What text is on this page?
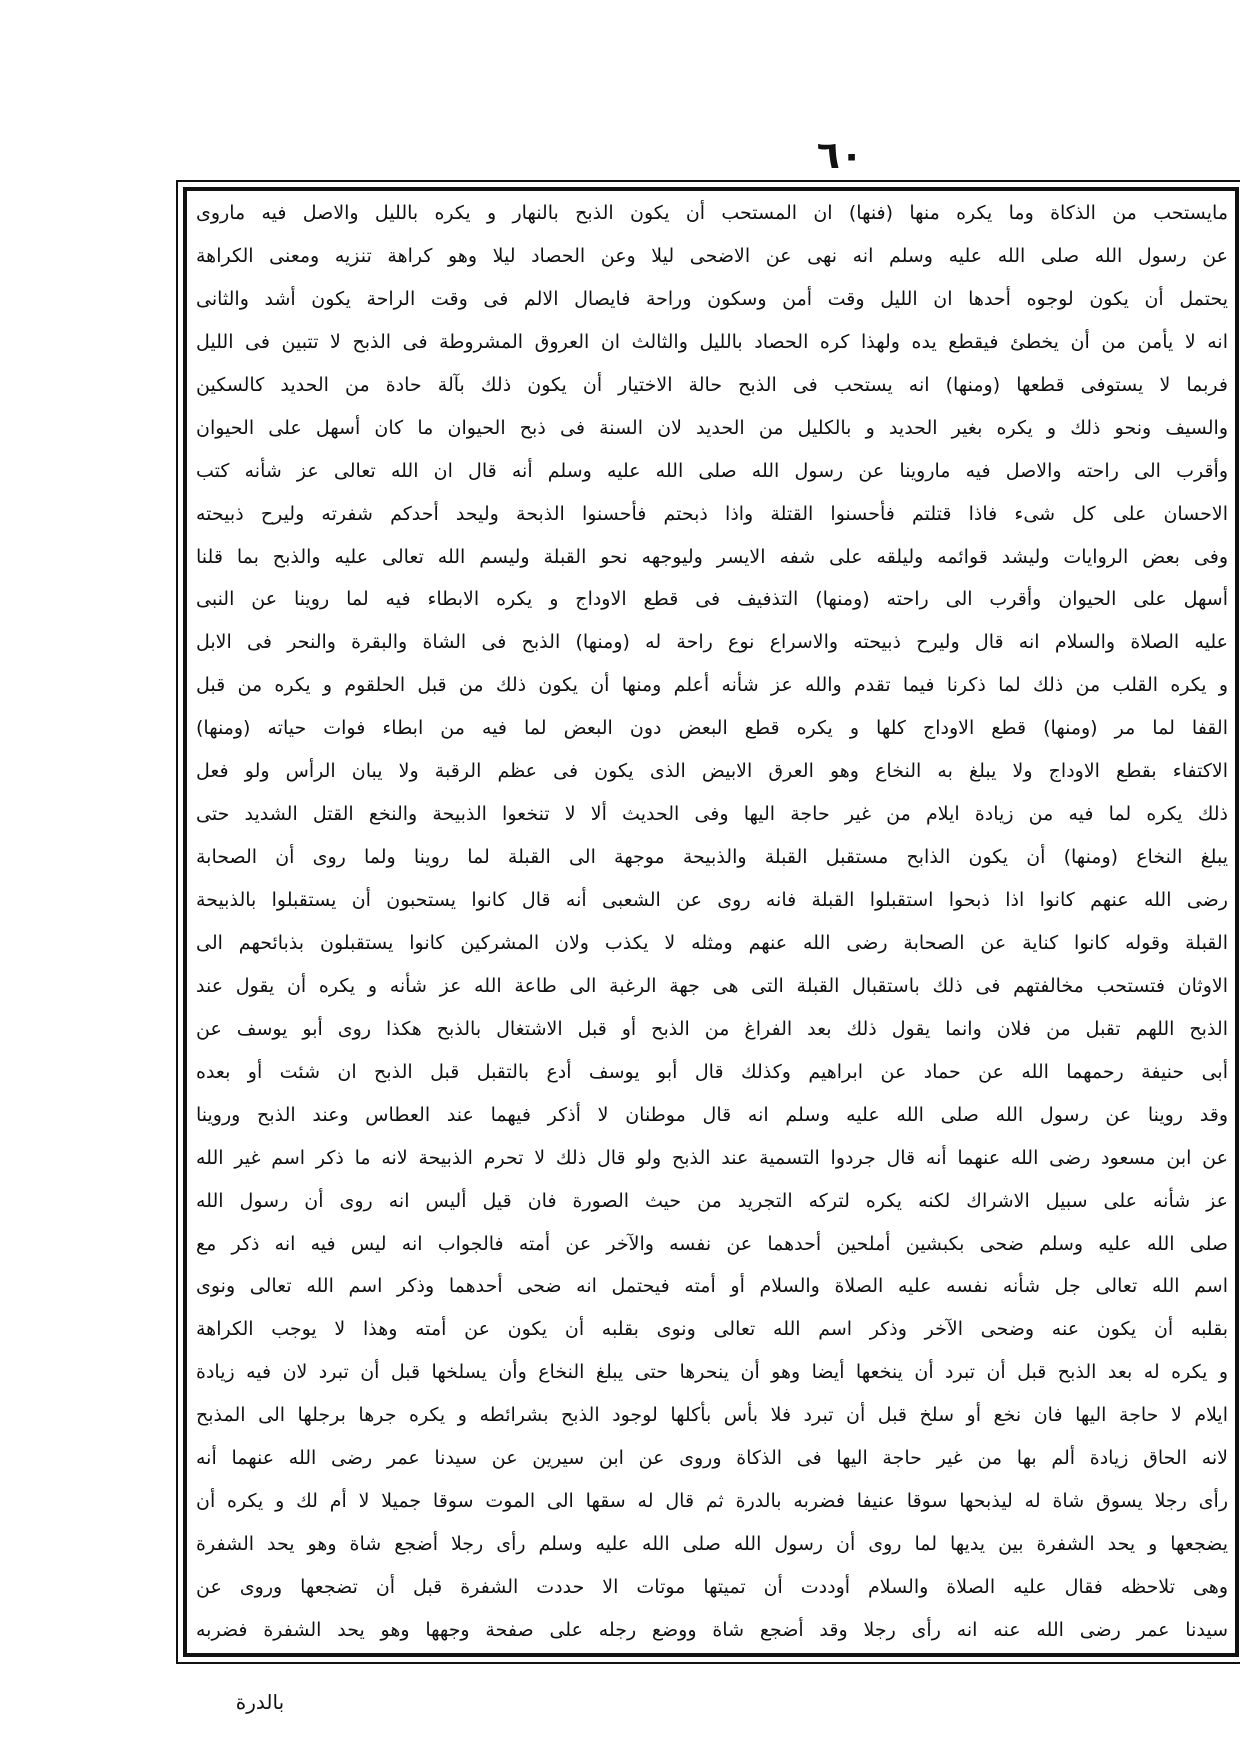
٦٠
مايستحب من الذكاة وما يكره منها (فنها) ان المستحب أن يكون الذبح بالنهار و يكره بالليل والاصل فيه ماروى
عن رسول الله صلى الله عليه وسلم انه نهى عن الاضحى ليلا وعن الحصاد ليلا وهو كراهة تنزيه ومعنى الكراهة
يحتمل أن يكون لوجوه أحدها ان الليل وقت أمن وسكون وراحة فايصال الالم فى وقت الراحة يكون أشد والثانى
انه لا يأمن من أن يخطئ فيقطع يده ولهذا كره الحصاد بالليل والثالث ان العروق المشروطة فى الذبح لا تتبين فى الليل
فربما لا يستوفى قطعها (ومنها) انه يستحب فى الذبح حالة الاختيار أن يكون ذلك بآلة حادة من الحديد كالسكين
والسيف ونحو ذلك و يكره بغير الحديد و بالكليل من الحديد لان السنة فى ذبح الحيوان ما كان أسهل على الحيوان
وأقرب الى راحته والاصل فيه ماروينا عن رسول الله صلى الله عليه وسلم أنه قال ان الله تعالى عز شأنه كتب
الاحسان على كل شىء فاذا قتلتم فأحسنوا القتلة واذا ذبحتم فأحسنوا الذبحة وليحد أحدكم شفرته وليرح ذبيحته
وفى بعض الروايات وليشد قوائمه وليلقه على شفه الايسر وليوجهه نحو القبلة وليسم الله تعالى عليه والذبح بما قلنا
أسهل على الحيوان وأقرب الى راحته (ومنها) التذفيف فى قطع الاوداج و يكره الابطاء فيه لما روينا عن النبى
عليه الصلاة والسلام انه قال وليرح ذبيحته والاسراع نوع راحة له (ومنها) الذبح فى الشاة والبقرة والنحر فى الابل
و يكره القلب من ذلك لما ذكرنا فيما تقدم والله عز شأنه أعلم ومنها أن يكون ذلك من قبل الحلقوم و يكره من قبل
القفا لما مر (ومنها) قطع الاوداج كلها و يكره قطع البعض دون البعض لما فيه من ابطاء فوات حياته (ومنها)
الاكتفاء بقطع الاوداج ولا يبلغ به النخاع وهو العرق الابيض الذى يكون فى عظم الرقبة ولا يبان الرأس ولو فعل
ذلك يكره لما فيه من زيادة ايلام من غير حاجة اليها وفى الحديث ألا لا تنخعوا الذبيحة والنخع القتل الشديد حتى
يبلغ النخاع (ومنها) أن يكون الذابح مستقبل القبلة والذبيحة موجهة الى القبلة لما روينا ولما روى أن الصحابة
رضى الله عنهم كانوا اذا ذبحوا استقبلوا القبلة فانه روى عن الشعبى أنه قال كانوا يستحبون أن يستقبلوا بالذبيحة
القبلة وقوله كانوا كناية عن الصحابة رضى الله عنهم ومثله لا يكذب ولان المشركين كانوا يستقبلون بذبائحهم الى
الاوثان فتستحب مخالفتهم فى ذلك باستقبال القبلة التى هى جهة الرغبة الى طاعة الله عز شأنه و يكره أن يقول عند
الذبح اللهم تقبل من فلان وانما يقول ذلك بعد الفراغ من الذبح أو قبل الاشتغال بالذبح هكذا روى أبو يوسف عن
أبى حنيفة رحمهما الله عن حماد عن ابراهيم وكذلك قال أبو يوسف أدع بالتقبل قبل الذبح ان شئت أو بعده
وقد روينا عن رسول الله صلى الله عليه وسلم انه قال موطنان لا أذكر فيهما عند العطاس وعند الذبح وروينا
عن ابن مسعود رضى الله عنهما أنه قال جردوا التسمية عند الذبح ولو قال ذلك لا تحرم الذبيحة لانه ما ذكر اسم غير الله
عز شأنه على سبيل الاشراك لكنه يكره لتركه التجريد من حيث الصورة فان قيل أليس انه روى أن رسول الله
صلى الله عليه وسلم ضحى بكبشين أملحين أحدهما عن نفسه والآخر عن أمته فالجواب انه ليس فيه انه ذكر مع
اسم الله تعالى جل شأنه نفسه عليه الصلاة والسلام أو أمته فيحتمل انه ضحى أحدهما وذكر اسم الله تعالى ونوى
بقلبه أن يكون عنه وضحى الآخر وذكر اسم الله تعالى ونوى بقلبه أن يكون عن أمته وهذا لا يوجب الكراهة
و يكره له بعد الذبح قبل أن تبرد أن ينخعها أيضا وهو أن ينحرها حتى يبلغ النخاع وأن يسلخها قبل أن تبرد لان فيه زيادة
ايلام لا حاجة اليها فان نخع أو سلخ قبل أن تبرد فلا بأس بأكلها لوجود الذبح بشرائطه و يكره جرها برجلها الى المذبح
لانه الحاق زيادة ألم بها من غير حاجة اليها فى الذكاة وروى عن ابن سيرين عن سيدنا عمر رضى الله عنهما أنه
رأى رجلا يسوق شاة له ليذبحها سوقا عنيفا فضربه بالدرة ثم قال له سقها الى الموت سوقا جميلا لا أم لك و يكره أن
يضجعها و يحد الشفرة بين يديها لما روى أن رسول الله صلى الله عليه وسلم رأى رجلا أضجع شاة وهو يحد الشفرة
وهى تلاحظه فقال عليه الصلاة والسلام أوددت أن تميتها موتات الا حددت الشفرة قبل أن تضجعها وروى عن
سيدنا عمر رضى الله عنه انه رأى رجلا وقد أضجع شاة ووضع رجله على صفحة وجهها وهو يحد الشفرة فضربه
بالدرة
